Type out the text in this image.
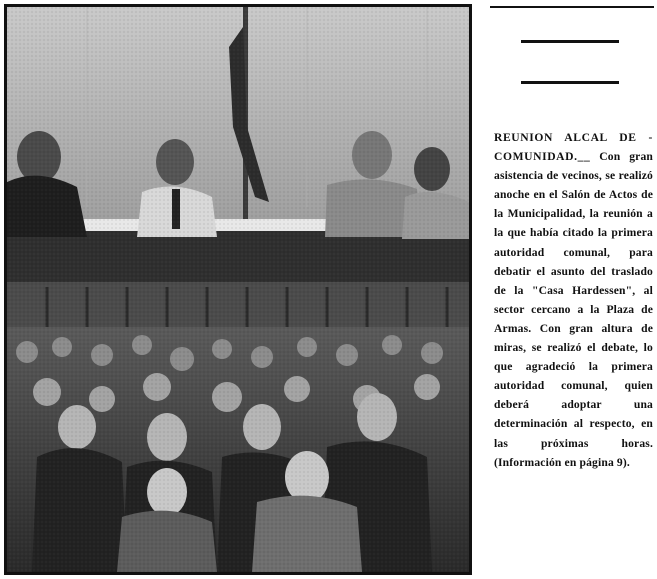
REUNION ALCAL DE - COMUNIDAD.__ Con gran asistencia de vecinos, se realizó anoche en el Salón de Actos de la Municipalidad, la reunión a la que había citado la primera autoridad comunal, para debatir el asunto del traslado de la "Casa Hardessen", al sector cercano a la Plaza de Armas. Con gran altura de miras, se realizó el debate, lo que agradeció la primera autoridad comunal, quien deberá adoptar una determinación al respecto, en las próximas horas. (Información en página 9).
